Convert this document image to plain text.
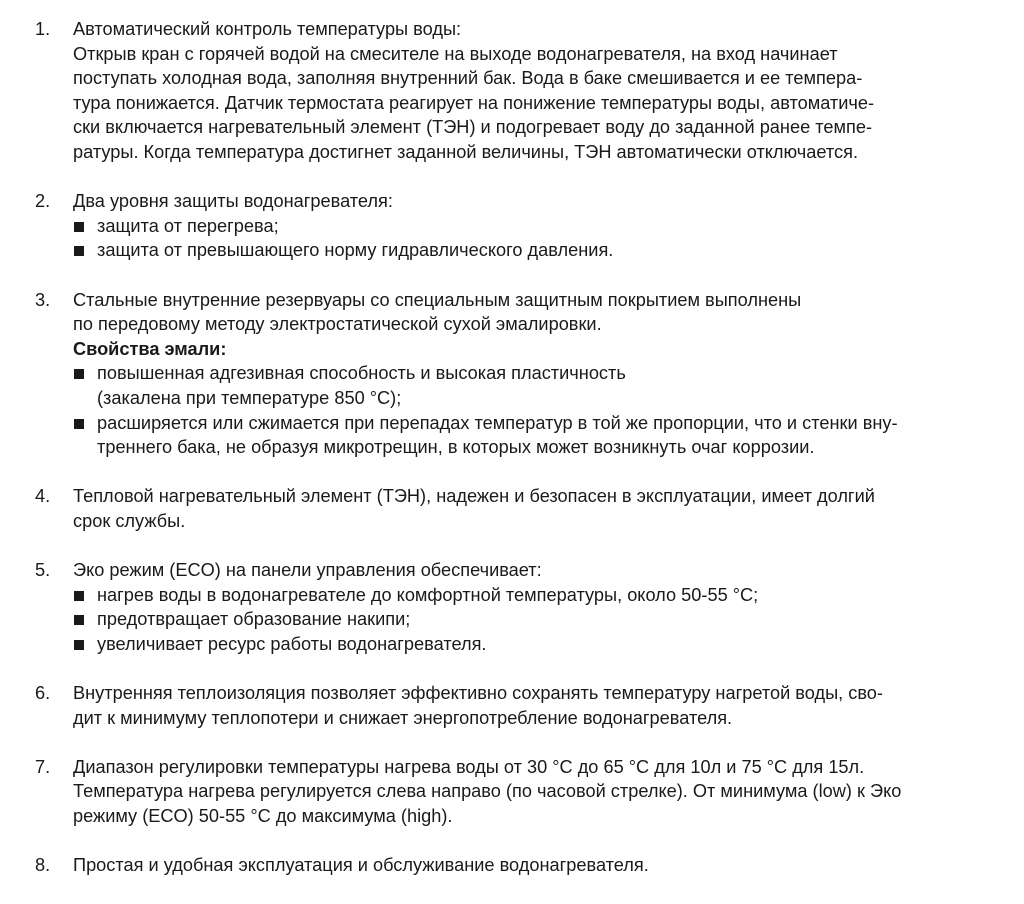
1. Автоматический контроль температуры воды:
Открыв кран с горячей водой на смесителе на выходе водонагревателя, на вход начинает
поступать холодная вода, заполняя внутренний бак. Вода в баке смешивается и ее темпера-
тура понижается. Датчик термостата реагирует на понижение температуры воды, автоматиче-
ски включается нагревательный элемент (ТЭН) и подогревает воду до заданной ранее темпе-
ратуры. Когда температура достигнет заданной величины, ТЭН автоматически отключается.
2. Два уровня защиты водонагревателя:
защита от перегрева;
защита от превышающего норму гидравлического давления.
3. Стальные внутренние резервуары со специальным защитным покрытием выполнены
по передовому методу электростатической сухой эмалировки.
Свойства эмали:
повышенная адгезивная способность и высокая пластичность
(закалена при температуре 850 °C);
расширяется или сжимается при перепадах температур в той же пропорции, что и стенки вну-
треннего бака, не образуя микротрещин, в которых может возникнуть очаг коррозии.
4. Тепловой нагревательный элемент (ТЭН), надежен и безопасен в эксплуатации, имеет долгий
срок службы.
5. Эко режим (ECO) на панели управления обеспечивает:
нагрев воды в водонагревателе до комфортной температуры, около 50-55 °C;
предотвращает образование накипи;
увеличивает ресурс работы водонагревателя.
6. Внутренняя теплоизоляция позволяет эффективно сохранять температуру нагретой воды, сво-
дит к минимуму теплопотери и снижает энергопотребление водонагревателя.
7. Диапазон регулировки температуры нагрева воды от 30 °C до 65 °C для 10л и 75 °C для 15л.
Температура нагрева регулируется слева направо (по часовой стрелке). От минимума (low) к Эко
режиму (ECO) 50-55 °C до максимума (high).
8. Простая и удобная эксплуатация и обслуживание водонагревателя.
